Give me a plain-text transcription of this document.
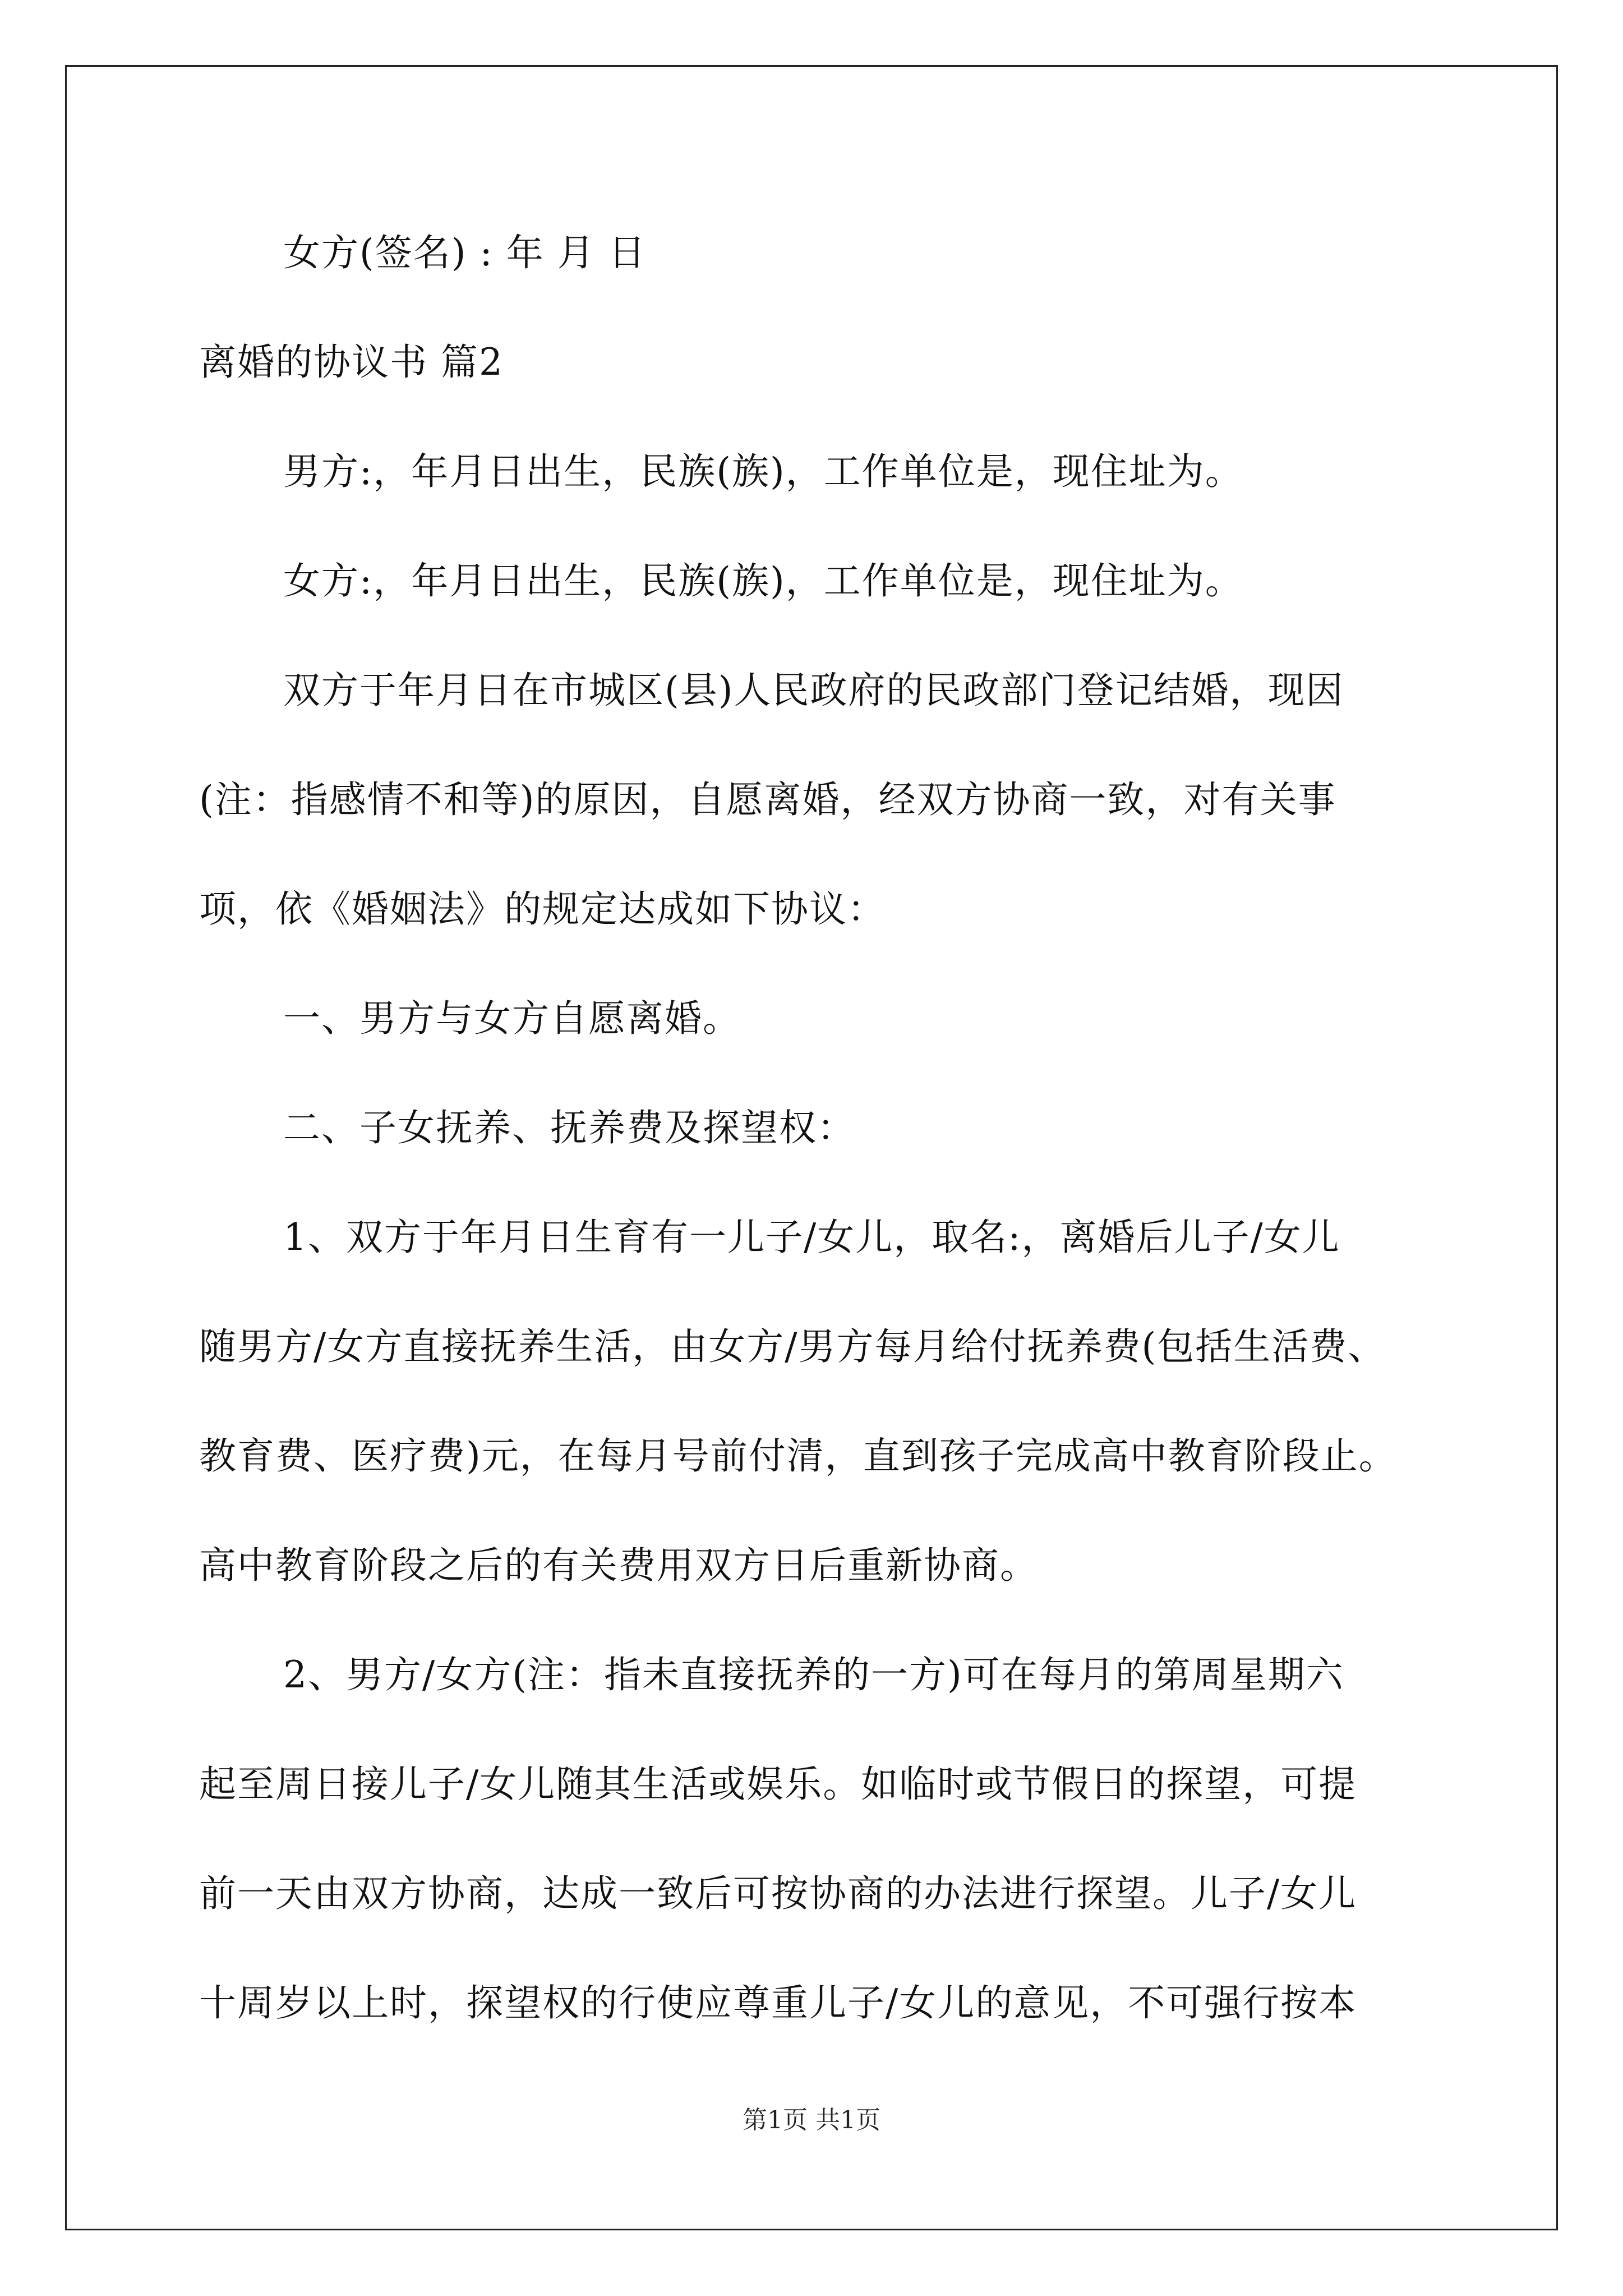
女方(签名) : 年 月 日
离婚的协议书 篇2
男方:，年月日出生，民族(族)，工作单位是，现住址为。
女方:，年月日出生，民族(族)，工作单位是，现住址为。
双方于年月日在市城区(县)人民政府的民政部门登记结婚，现因
(注：指感情不和等)的原因，自愿离婚，经双方协商一致，对有关事
项，依《婚姻法》的规定达成如下协议：
一、男方与女方自愿离婚。
二、子女抚养、抚养费及探望权：
1、双方于年月日生育有一儿子/女儿，取名:，离婚后儿子/女儿
随男方/女方直接抚养生活，由女方/男方每月给付抚养费(包括生活费、
教育费、医疗费)元，在每月号前付清，直到孩子完成高中教育阶段止。
高中教育阶段之后的有关费用双方日后重新协商。
2、男方/女方(注：指未直接抚养的一方)可在每月的第周星期六
起至周日接儿子/女儿随其生活或娱乐。如临时或节假日的探望，可提
前一天由双方协商，达成一致后可按协商的办法进行探望。儿子/女儿
十周岁以上时，探望权的行使应尊重儿子/女儿的意见，不可强行按本
第1页 共1页
